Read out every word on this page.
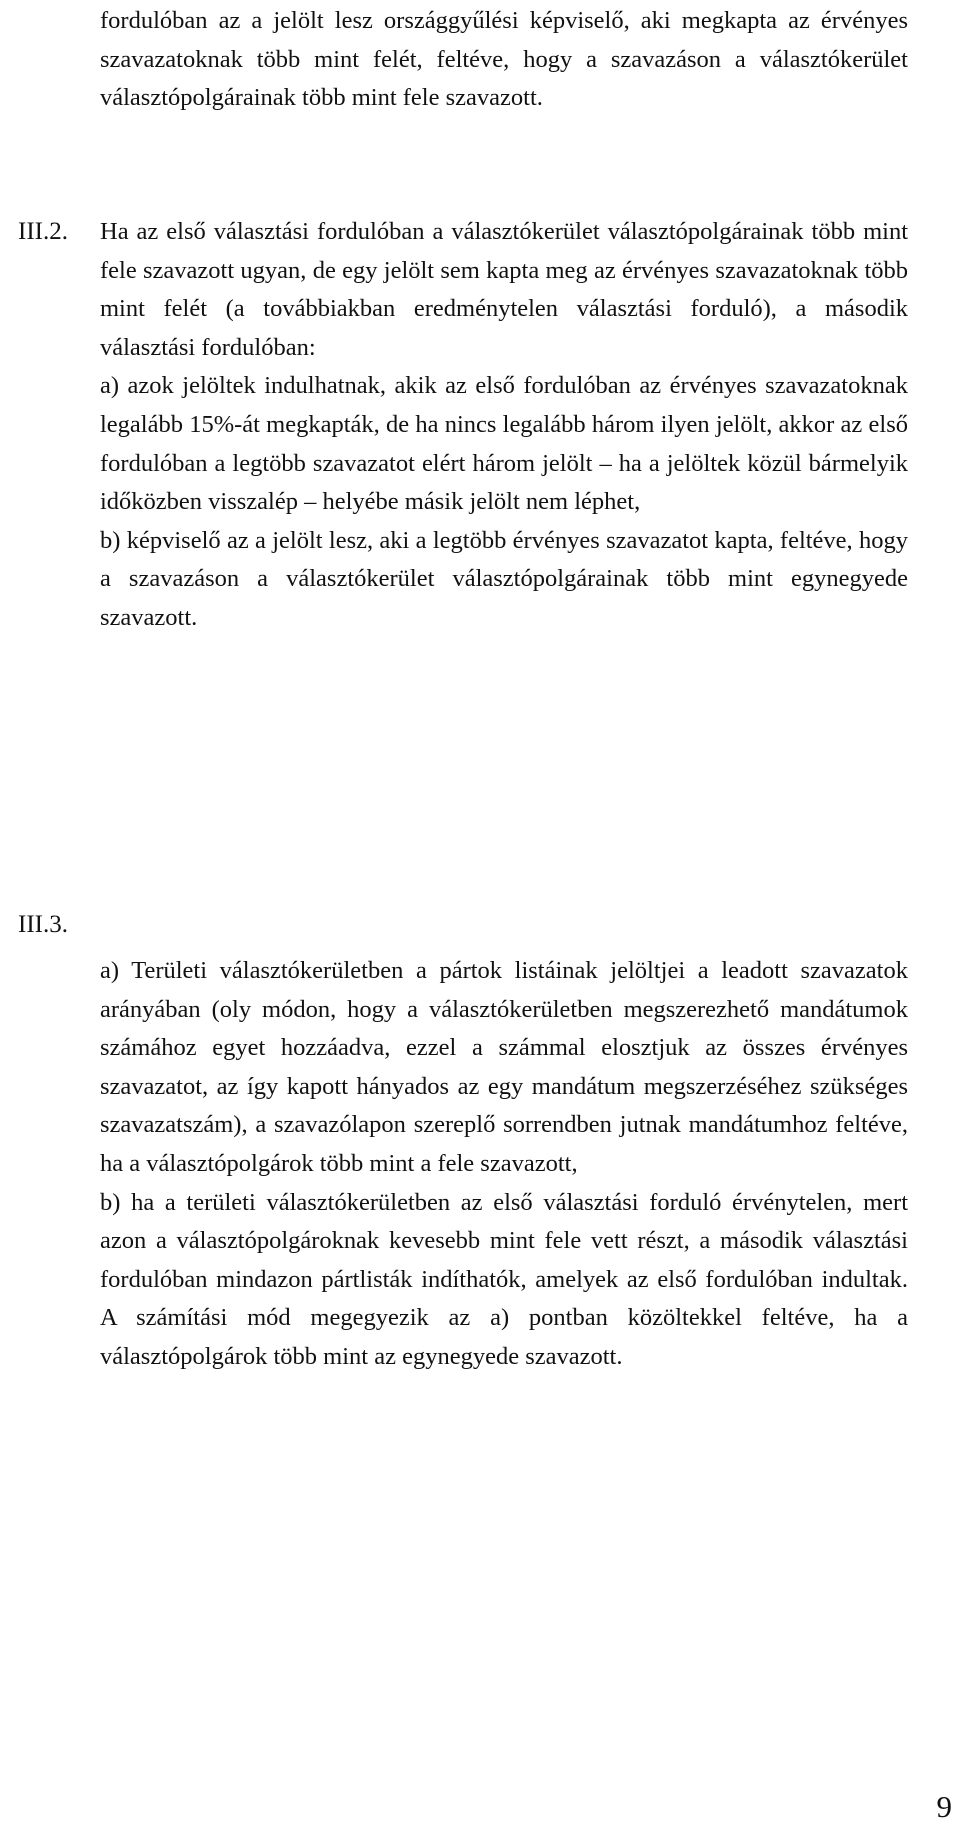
fordulóban az a jelölt lesz országgyűlési képviselő, aki megkapta az érvényes szavazatoknak több mint felét, feltéve, hogy a szavazáson a választókerület választópolgárainak több mint fele szavazott.

III.2. Ha az első választási fordulóban a választókerület választópolgárainak több mint fele szavazott ugyan, de egy jelölt sem kapta meg az érvényes szavazatoknak több mint felét (a továbbiakban eredménytelen választási forduló), a második választási fordulóban:

a) azok jelöltek indulhatnak, akik az első fordulóban az érvényes szavazatoknak legalább 15%-át megkapták, de ha nincs legalább három ilyen jelölt, akkor az első fordulóban a legtöbb szavazatot elért három jelölt – ha a jelöltek közül bármelyik időközben visszalép – helyébe másik jelölt nem léphet,

b) képviselő az a jelölt lesz, aki a legtöbb érvényes szavazatot kapta, feltéve, hogy a szavazáson a választókerület választópolgárainak több mint egynegyede szavazott.

III.3.

a) Területi választókerületben a pártok listáinak jelöltjei a leadott szavazatok arányában (oly módon, hogy a választókerületben megszerezhető mandátumok számához egyet hozzáadva, ezzel a számmal elosztjuk az összes érvényes szavazatot, az így kapott hányados az egy mandátum megszerzéséhez szükséges szavazatszám), a szavazólapon szereplő sorrendben jutnak mandátumhoz feltéve, ha a választópolgárok több mint a fele szavazott,

b) ha a területi választókerületben az első választási forduló érvénytelen, mert azon a választópolgároknak kevesebb mint fele vett részt, a második választási fordulóban mindazon pártlisták indíthatók, amelyek az első fordulóban indultak. A számítási mód megegyezik az a) pontban közöltekkel feltéve, ha a választópolgárok több mint az egynegyede szavazott.

9
